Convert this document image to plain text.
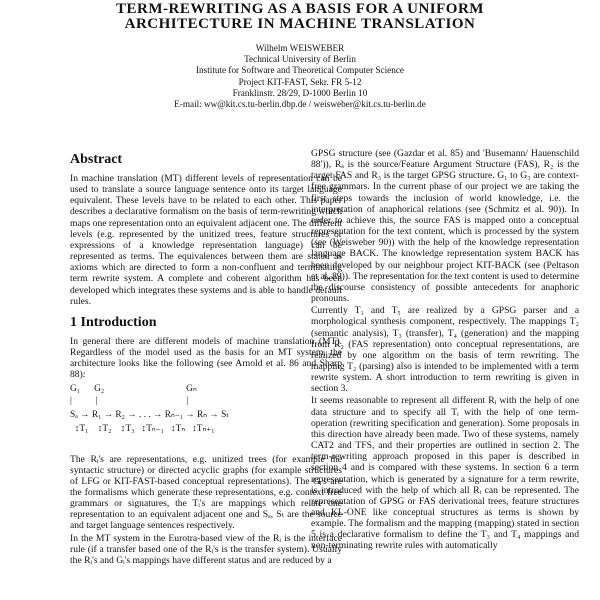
TERM-REWRITING AS A BASIS FOR A UNIFORM
ARCHITECTURE IN MACHINE TRANSLATION
Wilhelm WEISWEBER
Technical University of Berlin
Institute for Software and Theoretical Computer Science
Project KIT-FAST, Sekr. FR 5-12
Franklinstr. 28/29, D-1000 Berlin 10
E-mail: ww@kit.cs.tu-berlin.dbp.de / weisweber@kit.cs.tu-berlin.de
Abstract

In machine translation (MT) different levels of representation can be used to translate a source language sentence onto its target language equivalent. These levels have to be related to each other. This paper describes a declarative formalism on the basis of term-rewriting which maps one representation onto an equivalent adjacent one. The different levels (e.g. represented by the unitized trees, feature structures or expressions of a knowledge representation language) can be represented as terms. The equivalences between them are stated as axioms which are directed to form a non-confluent and terminating term rewrite system. A complete and coherent algorithm has been developed which integrates these systems and is able to handle default rules.

1 Introduction

In general there are different models of machine translation (MT). Regardless of the model used as the basis for an MT system, the architecture looks like the following (see Arnold et al. 86 and Sharp 88):

G₁      G₂                                   Gₙ
|          |                                      |
Sₐ → R₁ → R₂ → . . . → Rₙ₋₁ → Rₙ → Sₜ
↕T₁    ↕T₂    ↕T₃   ↕Tₙ₋₁   ↕Tₙ   ↕Tₙ₊₁

The Rᵢ's are representations, e.g. unitized trees (for example the syntactic structure) or directed acyclic graphs (for example structures of LFG or KIT-FAST-based conceptual representations). The Gᵢ's are the formalisms which generate these representations, e.g. context free grammars or signatures, the Tᵢ's are mappings which relate one representation to an equivalent adjacent one and Sₐ, Sₜ are the source and target language sentences respectively.

In the MT system in the Eurotra-based view of the Rᵢ is the interface rule (if a transfer based one of the Rᵢ's is the transfer system). Usually the Rᵢ's and Gᵢ's mappings have different status and are reduced by a

GPSG structure (see (Gazdar et al. 85) and 'Busemann/ Hauenschild 88')), Rₐ is the source/Feature Argument Structure (FAS), R₂ is the target FAS and R₃ is the target GPSG structure. G₁ to G₃ are context-free grammars. In the current phase of our project we are taking the first steps towards the inclusion of world knowledge, i.e. the interpretation of anaphorical relations (see (Schmitz et al. 90)). In order to achieve this, the source FAS is mapped onto a conceptual representation for the text content, which is processed by the system (see (Weisweber 90)) with the help of the knowledge representation language BACK. The knowledge representation system BACK has been developed by our neighbour project KIT-BACK (see (Peltason et al. 89)). The representation for the text content is used to determine the discourse consistency of possible antecedents for anaphoric pronouns.

Currently T₁ and T₅ are realized by a GPSG parser and a morphological synthesis component, respectively. The mappings T₂ (semantic analysis), T₃ (transfer), T₄ (generation) and the mapping from R₂ (FAS representation) onto conceptual representations, are realized by one algorithm on the basis of term rewriting. The mapping T₂ (parsing) also is intended to be implemented with a term rewrite system. A short introduction to term rewriting is given in section 3.

It seems reasonable to represent all different Rᵢ with the help of one data structure and to specify all Tᵢ with the help of one term-operation (rewriting specification and generation). Some proposals in this direction have already been made. Two of these systems, namely CAT2 and TFS, and their properties are outlined in section 2. The term-rewriting approach proposed in this paper is described in section 4 and is compared with these systems. In section 6 a term representation, which is generated by a signature for a term rewrite, is introduced with the help of which all Rᵢ can be represented. The representation of GPSG or FAS derivational trees, feature structures and KL-ONE like conceptual structures as terms is shown by example. The formalism and the mapping (mapping) stated in section 5 is a declarative formalism to define the T₃ and T₄ mappings and non-terminating rewrite rules with automatically
